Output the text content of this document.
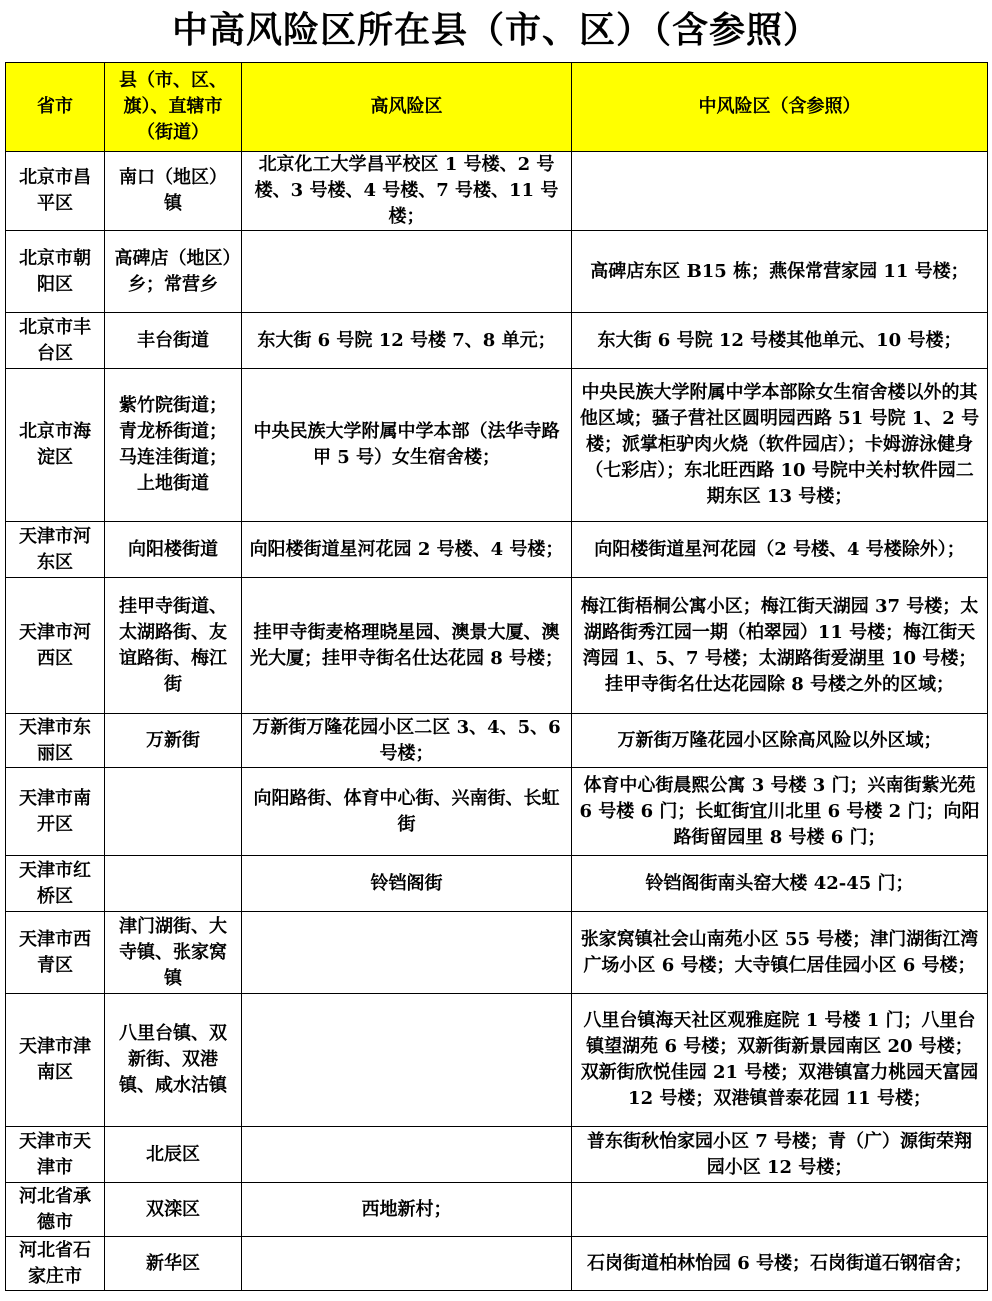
中高风险区所在县（市、区）（含参照）
省市	县（市、区、旗）、直辖市（街道）	高风险区	中风险区（含参照）
北京市昌平区	南口（地区）镇	北京化工大学昌平校区 1 号楼、2 号楼、3 号楼、4 号楼、7 号楼、11 号楼；	
北京市朝阳区	高碑店（地区）乡；常营乡		高碑店东区 B15 栋；燕保常营家园 11 号楼；
北京市丰台区	丰台街道	东大街 6 号院 12 号楼 7、8 单元；	东大街 6 号院 12 号楼其他单元、10 号楼；
北京市海淀区	紫竹院街道；青龙桥街道；马连洼街道；上地街道	中央民族大学附属中学本部（法华寺路甲 5 号）女生宿舍楼；	中央民族大学附属中学本部除女生宿舍楼以外的其他区域；骚子营社区圆明园西路 51 号院 1、2 号楼；派掌柜驴肉火烧（软件园店）；卡姆游泳健身（七彩店）；东北旺西路 10 号院中关村软件园二期东区 13 号楼；
天津市河东区	向阳楼街道	向阳楼街道星河花园 2 号楼、4 号楼；	向阳楼街道星河花园（2 号楼、4 号楼除外）；
天津市河西区	挂甲寺街道、太湖路街、友谊路街、梅江街	挂甲寺街麦格理晓星园、澳景大厦、澳光大厦；挂甲寺街名仕达花园 8 号楼；	梅江街梧桐公寓小区；梅江街天湖园 37 号楼；太湖路街秀江园一期（柏翠园）11 号楼；梅江街天湾园 1、5、7 号楼；太湖路街爱湖里 10 号楼；挂甲寺街名仕达花园除 8 号楼之外的区域；
天津市东丽区	万新街	万新街万隆花园小区二区 3、4、5、6 号楼；	万新街万隆花园小区除高风险以外区域；
天津市南开区		向阳路街、体育中心街、兴南街、长虹街	体育中心街晨熙公寓 3 号楼 3 门；兴南街紫光苑 6 号楼 6 门；长虹街宜川北里 6 号楼 2 门；向阳路街留园里 8 号楼 6 门；
天津市红桥区		铃铛阁街	铃铛阁街南头窑大楼 42-45 门；
天津市西青区	津门湖街、大寺镇、张家窝镇		张家窝镇社会山南苑小区 55 号楼；津门湖街江湾广场小区 6 号楼；大寺镇仁居佳园小区 6 号楼；
天津市津南区	八里台镇、双新街、双港镇、咸水沽镇		八里台镇海天社区观雅庭院 1 号楼 1 门；八里台镇望湖苑 6 号楼；双新街新景园南区 20 号楼；双新街欣悦佳园 21 号楼；双港镇富力桃园天富园 12 号楼；双港镇普泰花园 11 号楼；
天津市天津市	北辰区		普东街秋怡家园小区 7 号楼；青（广）源街荣翔园小区 12 号楼；
河北省承德市	双滦区	西地新村；	
河北省石家庄市	新华区		石岗街道柏林怡园 6 号楼；石岗街道石钢宿舍；
